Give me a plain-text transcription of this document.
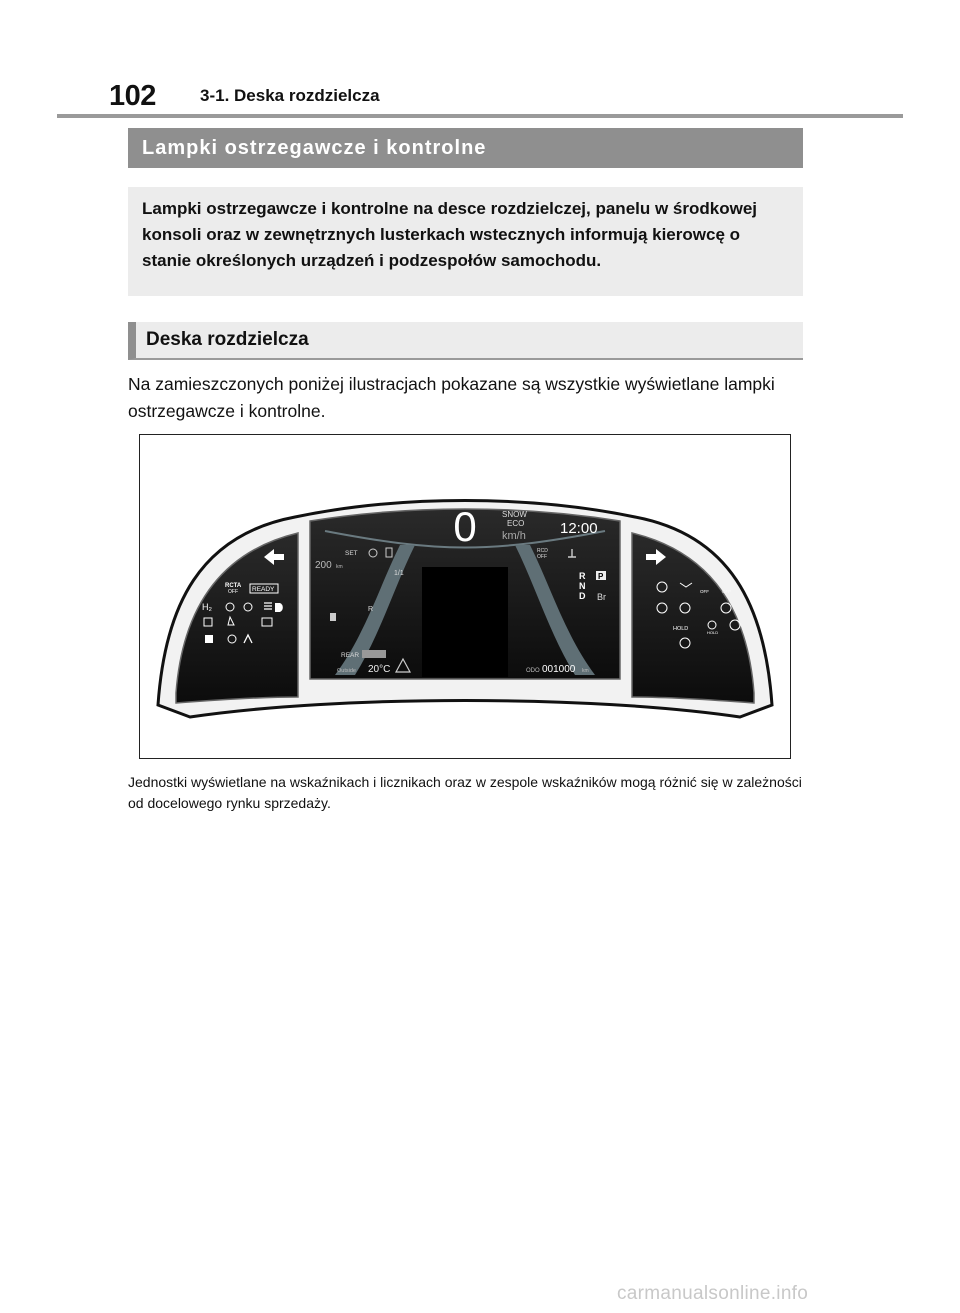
102	3-1. Deska rozdzielcza
Lampki ostrzegawcze i kontrolne
Lampki ostrzegawcze i kontrolne na desce rozdzielczej, panelu w środkowej konsoli oraz w zewnętrznych lusterkach wstecznych informują kierowcę o stanie określonych urządzeń i podzespołów samochodu.
Deska rozdzielcza
Na zamieszczonych poniżej ilustracjach pokazane są wszystkie wyświetlane lampki ostrzegawcze i kontrolne.
0	SNOW
ECO
km/h 12:00
SET
200 km
1/1
R
RCD
OFF
R
N
D
P
Br
REAR
Outside 20°C	ODO 001000 km
RCTA
OFF READY
H₂
OFF	OFF
HOLD
HOLD
Jednostki wyświetlane na wskaźnikach i licznikach oraz w zespole wskaźników mogą różnić się w zależności od docelowego rynku sprzedaży.
carmanualsonline.info
